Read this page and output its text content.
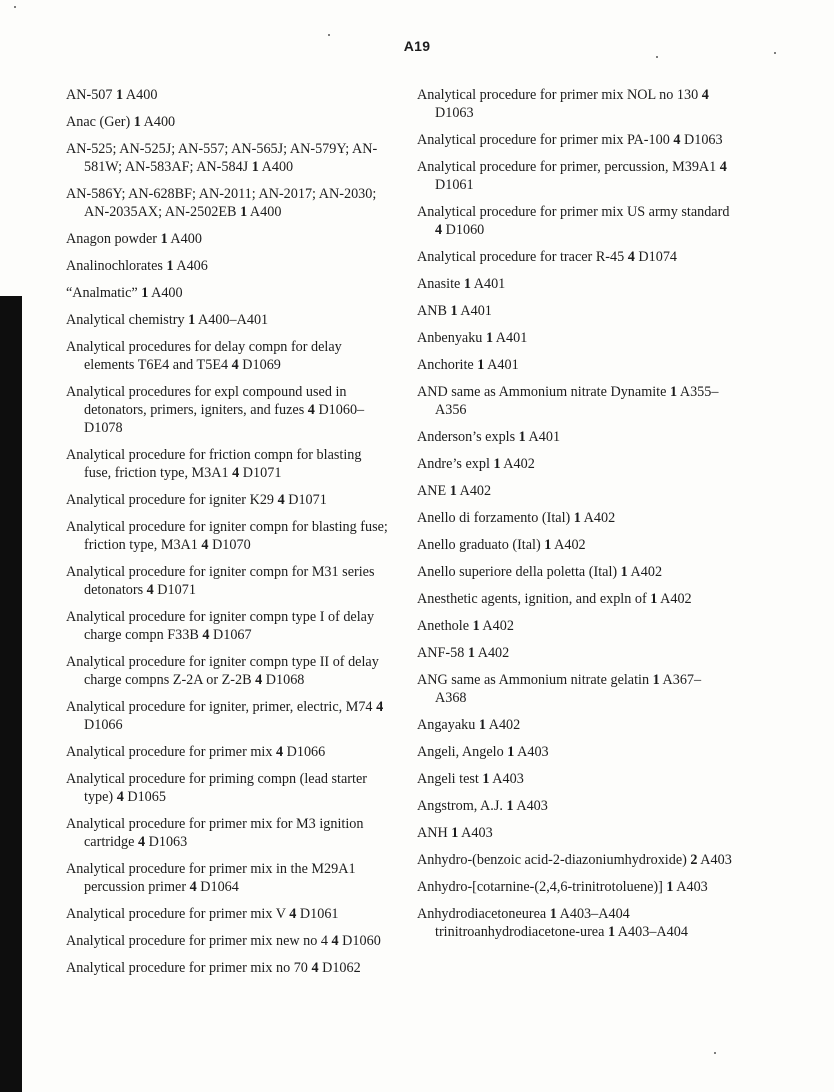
A19

AN-507 1 A400

Anac (Ger) 1 A400

AN-525; AN-525J; AN-557; AN-565J; AN-579Y; AN-581W; AN-583AF; AN-584J 1 A400

AN-586Y; AN-628BF; AN-2011; AN-2017; AN-2030; AN-2035AX; AN-2502EB 1 A400

Anagon powder 1 A400

Analinochlorates 1 A406

“Analmatic” 1 A400

Analytical chemistry 1 A400–A401

Analytical procedures for delay compn for delay elements T6E4 and T5E4 4 D1069

Analytical procedures for expl compound used in detonators, primers, igniters, and fuzes 4 D1060–D1078

Analytical procedure for friction compn for blasting fuse, friction type, M3A1 4 D1071

Analytical procedure for igniter K29 4 D1071

Analytical procedure for igniter compn for blasting fuse; friction type, M3A1 4 D1070

Analytical procedure for igniter compn for M31 series detonators 4 D1071

Analytical procedure for igniter compn type I of delay charge compn F33B 4 D1067

Analytical procedure for igniter compn type II of delay charge compns Z-2A or Z-2B 4 D1068

Analytical procedure for igniter, primer, electric, M74 4 D1066

Analytical procedure for primer mix 4 D1066

Analytical procedure for priming compn (lead starter type) 4 D1065

Analytical procedure for primer mix for M3 ignition cartridge 4 D1063

Analytical procedure for primer mix in the M29A1 percussion primer 4 D1064

Analytical procedure for primer mix V 4 D1061

Analytical procedure for primer mix new no 4 4 D1060

Analytical procedure for primer mix no 70 4 D1062

Analytical procedure for primer mix NOL no 130 4 D1063

Analytical procedure for primer mix PA-100 4 D1063

Analytical procedure for primer, percussion, M39A1 4 D1061

Analytical procedure for primer mix US army standard 4 D1060

Analytical procedure for tracer R-45 4 D1074

Anasite 1 A401

ANB 1 A401

Anbenyaku 1 A401

Anchorite 1 A401

AND same as Ammonium nitrate Dynamite 1 A355–A356

Anderson’s expls 1 A401

Andre’s expl 1 A402

ANE 1 A402

Anello di forzamento (Ital) 1 A402

Anello graduato (Ital) 1 A402

Anello superiore della poletta (Ital) 1 A402

Anesthetic agents, ignition, and expln of 1 A402

Anethole 1 A402

ANF-58 1 A402

ANG same as Ammonium nitrate gelatin 1 A367–A368

Angayaku 1 A402

Angeli, Angelo 1 A403

Angeli test 1 A403

Angstrom, A.J. 1 A403

ANH 1 A403

Anhydro-(benzoic acid-2-diazoniumhydroxide) 2 A403

Anhydro-[cotarnine-(2,4,6-trinitrotoluene)] 1 A403

Anhydrodiacetoneurea 1 A403–A404 trinitroanhydrodiacetone-urea 1 A403–A404
